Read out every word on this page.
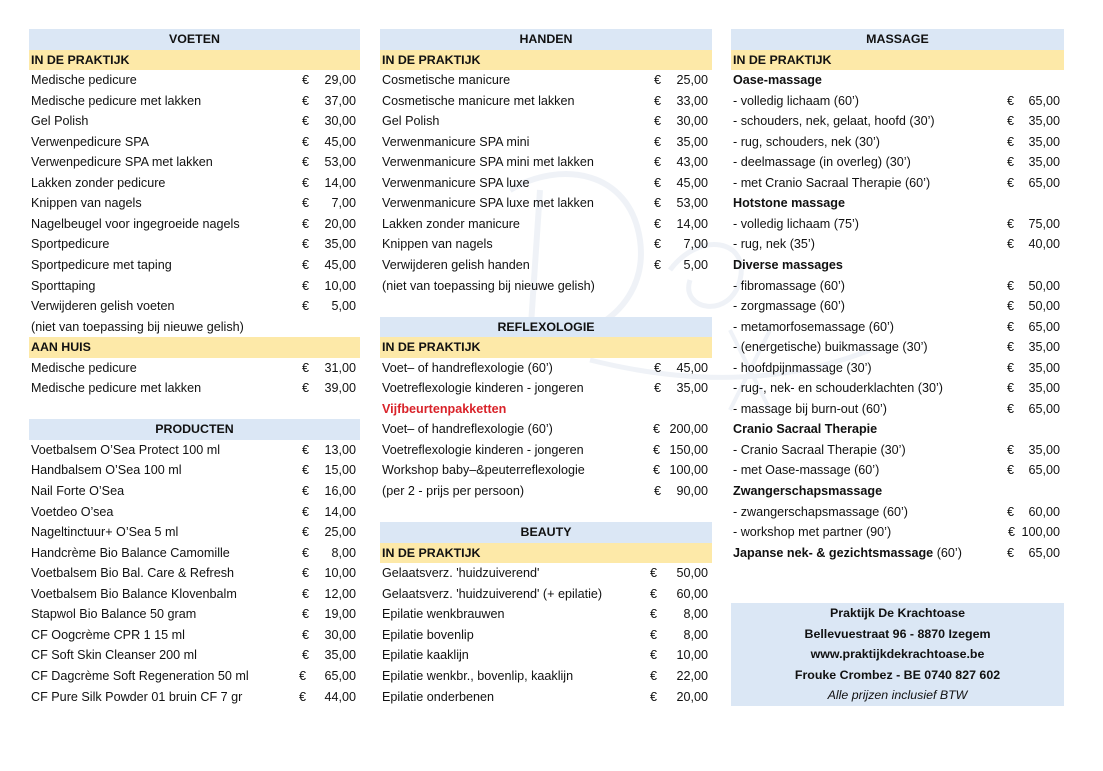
VOETEN
IN DE PRAKTIJK
Medische pedicure	€ 29,00
Medische pedicure met lakken	€ 37,00
Gel Polish	€ 30,00
Verwenpedicure SPA	€ 45,00
Verwenpedicure SPA met lakken	€ 53,00
Lakken zonder pedicure	€ 14,00
Knippen van nagels	€ 7,00
Nagelbeugel voor ingegroeide nagels	€ 20,00
Sportpedicure	€ 35,00
Sportpedicure met taping	€ 45,00
Sporttaping	€ 10,00
Verwijderen gelish voeten	€ 5,00
(niet van toepassing bij nieuwe gelish)
AAN HUIS
Medische pedicure	€ 31,00
Medische pedicure met lakken	€ 39,00
PRODUCTEN
Voetbalsem O’Sea Protect 100 ml	€ 13,00
Handbalsem O’Sea 100 ml	€ 15,00
Nail Forte O’Sea	€ 16,00
Voetdeo O’sea	€ 14,00
Nageltinctuur+ O’Sea 5 ml	€ 25,00
Handcrème Bio Balance Camomille	€ 8,00
Voetbalsem Bio Bal. Care & Refresh	€ 10,00
Voetbalsem Bio Balance Klovenbalm	€ 12,00
Stapwol Bio Balance 50 gram	€ 19,00
CF Oogcrème CPR 1 15 ml	€ 30,00
CF Soft Skin Cleanser 200 ml	€ 35,00
CF Dagcrème Soft Regeneration 50 ml	€ 65,00
CF Pure Silk Powder 01 bruin CF 7 gr	€ 44,00
HANDEN
IN DE PRAKTIJK
Cosmetische manicure	€ 25,00
Cosmetische manicure met lakken	€ 33,00
Gel Polish	€ 30,00
Verwenmanicure SPA mini	€ 35,00
Verwenmanicure SPA mini met lakken	€ 43,00
Verwenmanicure SPA luxe	€ 45,00
Verwenmanicure SPA luxe met lakken	€ 53,00
Lakken zonder manicure	€ 14,00
Knippen van nagels	€ 7,00
Verwijderen gelish handen	€ 5,00
(niet van toepassing bij nieuwe gelish)
REFLEXOLOGIE
IN DE PRAKTIJK
Voet– of handreflexologie (60’)	€ 45,00
Voetreflexologie kinderen - jongeren	€ 35,00
Vijfbeurtenpakketten
Voet– of handreflexologie (60’)	€ 200,00
Voetreflexologie kinderen - jongeren	€ 150,00
Workshop baby–&peuterreflexologie	€ 100,00
(per 2 - prijs per persoon)	€ 90,00
BEAUTY
IN DE PRAKTIJK
Gelaatsverz. 'huidzuiverend'	€ 50,00
Gelaatsverz. 'huidzuiverend' (+ epilatie)	€ 60,00
Epilatie wenkbrauwen	€ 8,00
Epilatie bovenlip	€ 8,00
Epilatie kaaklijn	€ 10,00
Epilatie wenkbr., bovenlip, kaaklijn	€ 22,00
Epilatie onderbenen	€ 20,00
MASSAGE
IN DE PRAKTIJK
Oase-massage
- volledig lichaam (60’)	€ 65,00
- schouders, nek, gelaat, hoofd (30’)	€ 35,00
- rug, schouders, nek (30’)	€ 35,00
- deelmassage (in overleg) (30’)	€ 35,00
- met Cranio Sacraal Therapie (60’)	€ 65,00
Hotstone massage
- volledig lichaam (75’)	€ 75,00
- rug, nek (35’)	€ 40,00
Diverse massages
- fibromassage (60’)	€ 50,00
- zorgmassage (60’)	€ 50,00
- metamorfosemassage (60’)	€ 65,00
- (energetische) buikmassage (30’)	€ 35,00
- hoofdpijnmassage (30’)	€ 35,00
- rug-, nek- en schouderklachten (30’)	€ 35,00
- massage bij burn-out (60’)	€ 65,00
Cranio Sacraal Therapie
- Cranio Sacraal Therapie (30’)	€ 35,00
- met Oase-massage (60’)	€ 65,00
Zwangerschapsmassage
- zwangerschapsmassage (60’)	€ 60,00
- workshop met partner (90’)	€ 100,00
Japanse nek- & gezichtsmassage (60’)	€ 65,00
Praktijk De Krachtoase
Bellevuestraat 96 - 8870 Izegem
www.praktijkdekrachtoase.be
Frouke Crombez - BE 0740 827 602
Alle prijzen inclusief BTW
